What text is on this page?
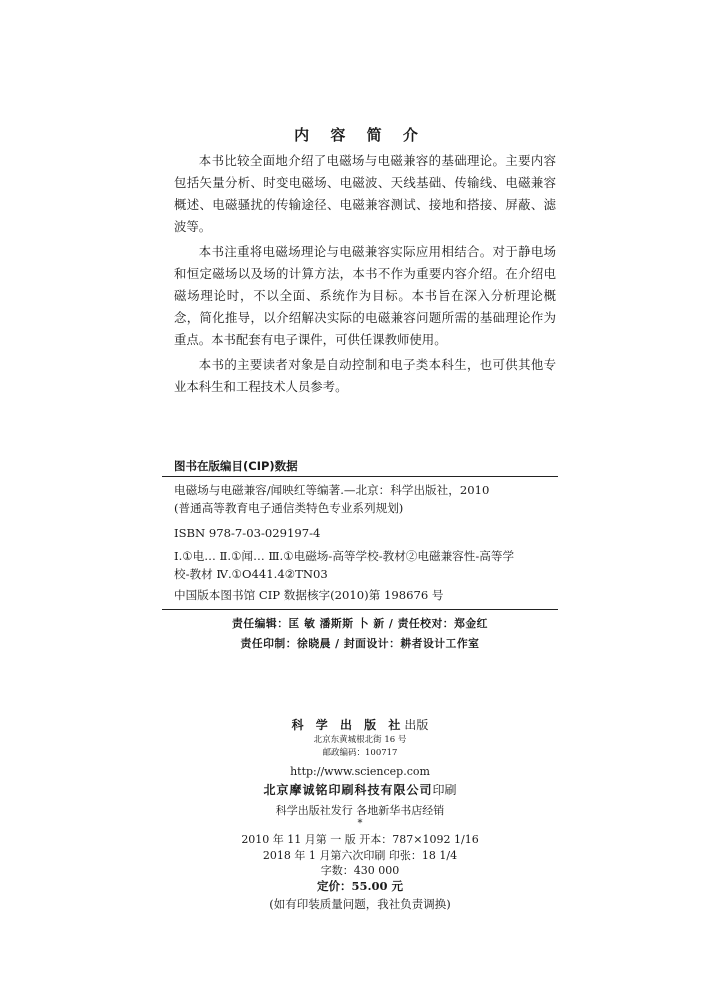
内 容 简 介

本书比较全面地介绍了电磁场与电磁兼容的基础理论。主要内容包括矢量分析、时变电磁场、电磁波、天线基础、传输线、电磁兼容概述、电磁骚扰的传输途径、电磁兼容测试、接地和搭接、屏蔽、滤波等。

本书注重将电磁场理论与电磁兼容实际应用相结合。对于静电场和恒定磁场以及场的计算方法，本书不作为重要内容介绍。在介绍电磁场理论时，不以全面、系统作为目标。本书旨在深入分析理论概念，简化推导，以介绍解决实际的电磁兼容问题所需的基础理论作为重点。本书配套有电子课件，可供任课教师使用。

本书的主要读者对象是自动控制和电子类本科生，也可供其他专业本科生和工程技术人员参考。

图书在版编目(CIP)数据
电磁场与电磁兼容/闻映红等编著.—北京：科学出版社，2010
(普通高等教育电子通信类特色专业系列规划)
ISBN 978-7-03-029197-4
Ⅰ.①电… Ⅱ.①闻… Ⅲ.①电磁场-高等学校-教材②电磁兼容性-高等学
校-教材 Ⅳ.①O441.4②TN03
中国版本图书馆 CIP 数据核字(2010)第 198676 号
责任编辑：匡 敏 潘斯斯 卜 新 / 责任校对：郑金红
责任印制：徐晓晨 / 封面设计：耕者设计工作室
科 学 出 版 社出版
北京东黄城根北街 16 号
邮政编码：100717
http://www.sciencep.com
北京摩诚铭印刷科技有限公司印刷
科学出版社发行 各地新华书店经销
*
2010 年 11 月第 一 版 开本：787×1092 1/16
2018 年 1 月第六次印刷 印张：18 1/4
字数：430 000
定价：55.00 元
(如有印装质量问题，我社负责调换)
